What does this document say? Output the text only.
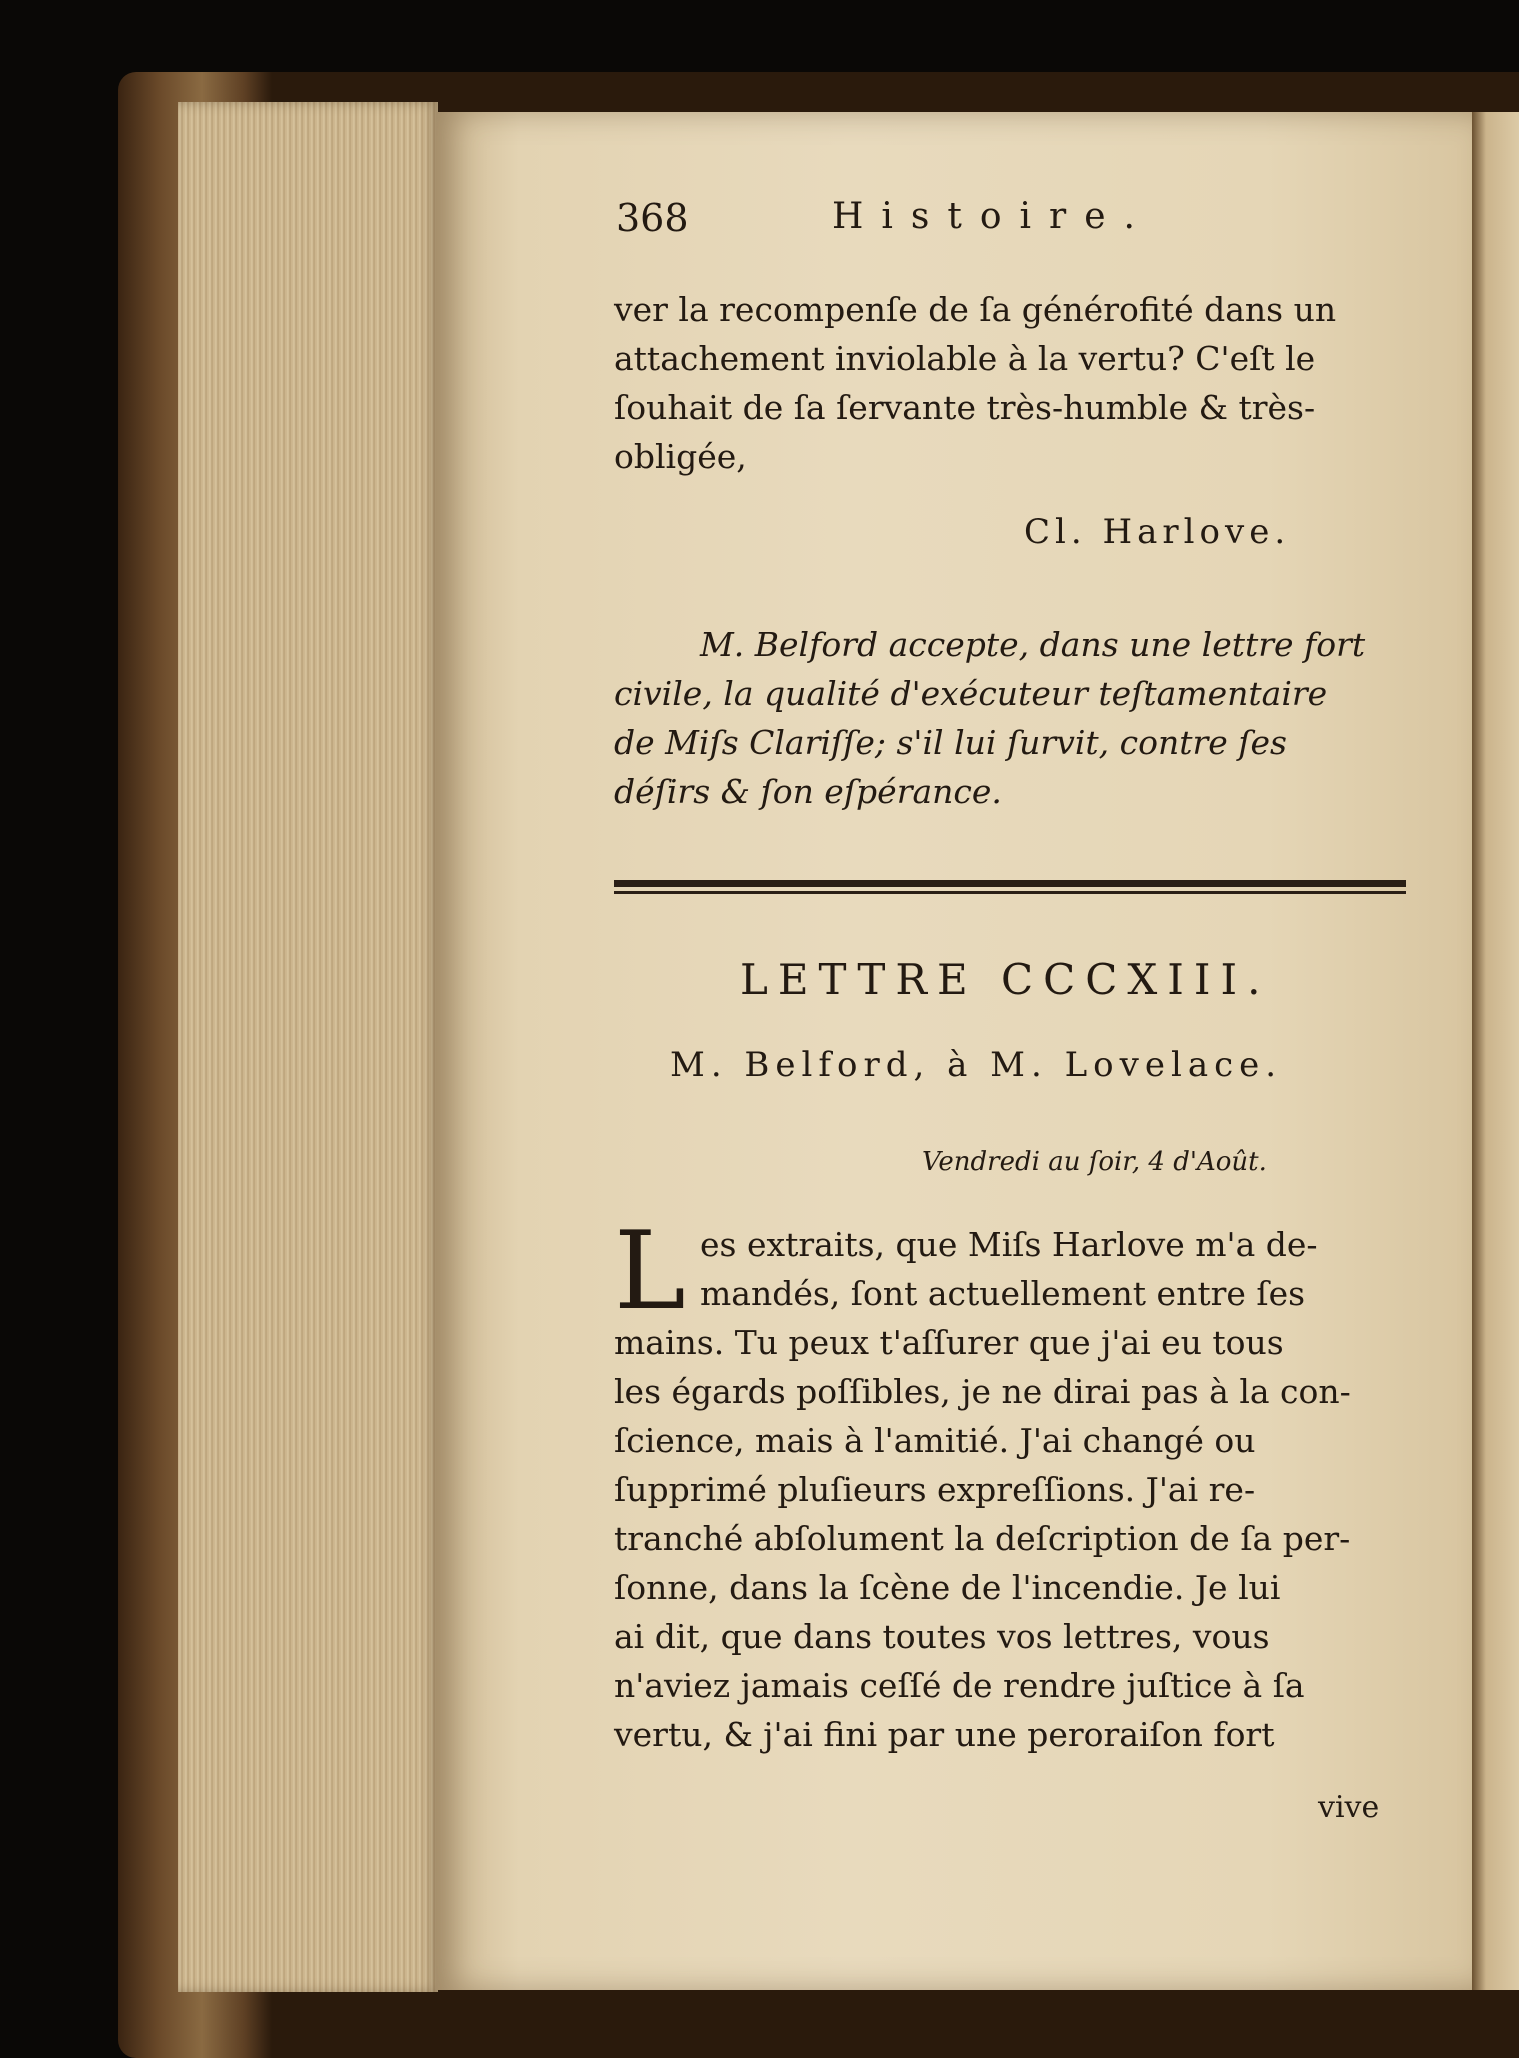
368	Histoire.
ver la recompenſe de ſa générofité dans un
attachement inviolable à la vertu? C'eſt le
ſouhait de ſa ſervante très-humble & très-
obligée,
Cl. Harlove.
M. Belford accepte, dans une lettre fort
civile, la qualité d'exécuteur teſtamentaire
de Miſs Clariſſe; s'il lui ſurvit, contre ſes
déſirs & ſon eſpérance.
LETTRE CCCXIII.
M. Belford, à M. Lovelace.
Vendredi au ſoir, 4 d'Août.
L es extraits, que Miſs Harlove m'a de-
mandés, ſont actuellement entre ſes
mains. Tu peux t'aſſurer que j'ai eu tous
les égards poſſibles, je ne dirai pas à la con-
ſcience, mais à l'amitié. J'ai changé ou
ſupprimé pluſieurs expreſſions. J'ai re-
tranché abſolument la deſcription de ſa per-
ſonne, dans la ſcène de l'incendie. Je lui
ai dit, que dans toutes vos lettres, vous
n'aviez jamais ceſſé de rendre juſtice à ſa
vertu, & j'ai fini par une peroraiſon fort
vive
